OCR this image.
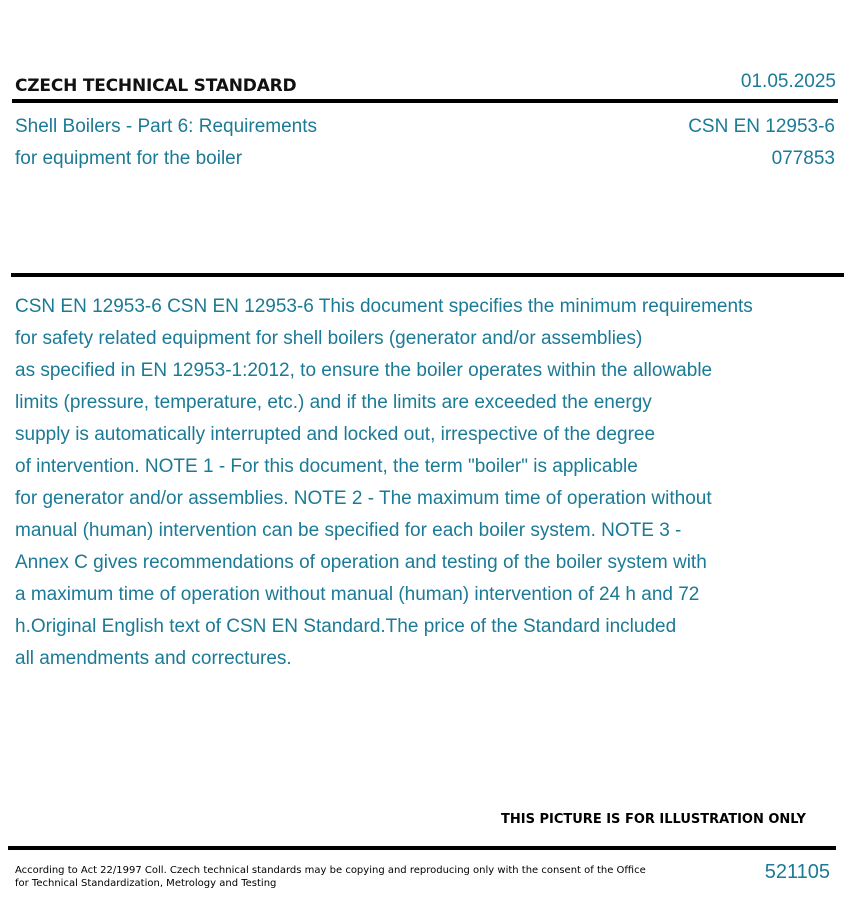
CZECH TECHNICAL STANDARD	01.05.2025
Shell Boilers - Part 6: Requirements
for equipment for the boiler
CSN EN 12953-6
077853
CSN EN 12953-6 CSN EN 12953-6 This document specifies the minimum requirements
for safety related equipment for shell boilers (generator and/or assemblies)
as specified in EN 12953-1:2012, to ensure the boiler operates within the allowable
limits (pressure, temperature, etc.) and if the limits are exceeded the energy
supply is automatically interrupted and locked out, irrespective of the degree
of intervention. NOTE 1 - For this document, the term "boiler" is applicable
for generator and/or assemblies. NOTE 2 - The maximum time of operation without
manual (human) intervention can be specified for each boiler system. NOTE 3 -
Annex C gives recommendations of operation and testing of the boiler system with
a maximum time of operation without manual (human) intervention of 24 h and 72
h.Original English text of CSN EN Standard.The price of the Standard included
all amendments and correctures.
THIS PICTURE IS FOR ILLUSTRATION ONLY
According to Act 22/1997 Coll. Czech technical standards may be copying and reproducing only with the consent of the Office
for Technical Standardization, Metrology and Testing
521105
